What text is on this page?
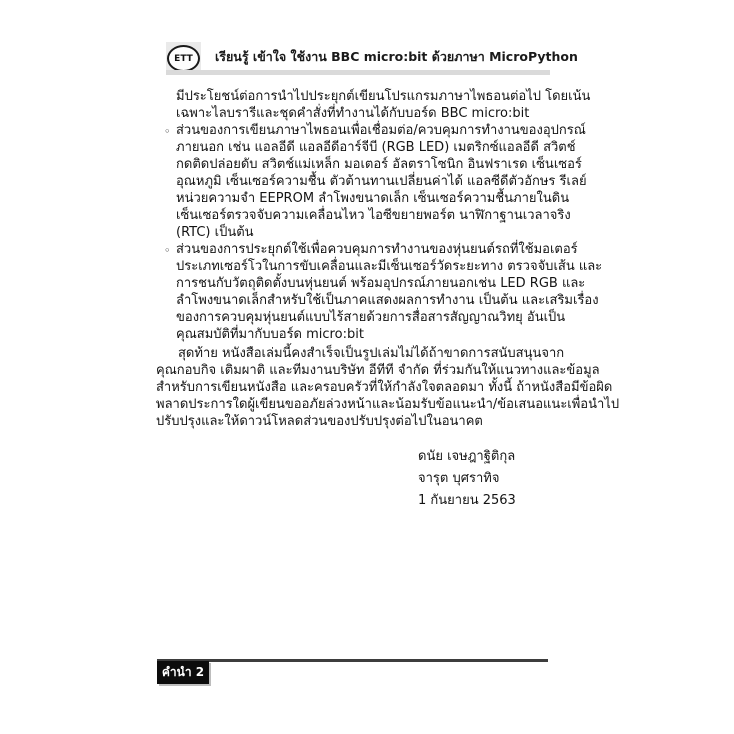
ETT เรียนรู้ เข้าใจ ใช้งาน BBC micro:bit ด้วยภาษา MicroPython
มีประโยชน์ต่อการนำไปประยุกต์เขียนโปรแกรมภาษาไพธอนต่อไป โดยเน้น
เฉพาะไลบรารีและชุดคำสั่งที่ทำงานได้กับบอร์ด BBC micro:bit
◦ ส่วนของการเขียนภาษาไพธอนเพื่อเชื่อมต่อ/ควบคุมการทำงานของอุปกรณ์
ภายนอก เช่น แอลอีดี แอลอีดีอาร์จีบี (RGB LED) เมตริกซ์แอลอีดี สวิตช์
กดติดปล่อยดับ สวิตช์แม่เหล็ก มอเตอร์ อัลตราโซนิก อินฟราเรด เซ็นเซอร์
อุณหภูมิ เซ็นเซอร์ความชื้น ตัวต้านทานเปลี่ยนค่าได้ แอลซีดีตัวอักษร รีเลย์
หน่วยความจำ EEPROM ลำโพงขนาดเล็ก เซ็นเซอร์ความชื้นภายในดิน
เซ็นเซอร์ตรวจจับความเคลื่อนไหว ไอซีขยายพอร์ต นาฬิกาฐานเวลาจริง
(RTC) เป็นต้น
◦ ส่วนของการประยุกต์ใช้เพื่อควบคุมการทำงานของหุ่นยนต์รถที่ใช้มอเตอร์
ประเภทเซอร์โวในการขับเคลื่อนและมีเซ็นเซอร์วัดระยะทาง ตรวจจับเส้น และ
การชนกับวัตถุติดตั้งบนหุ่นยนต์ พร้อมอุปกรณ์ภายนอกเช่น LED RGB และ
ลำโพงขนาดเล็กสำหรับใช้เป็นภาคแสดงผลการทำงาน เป็นต้น และเสริมเรื่อง
ของการควบคุมหุ่นยนต์แบบไร้สายด้วยการสื่อสารสัญญาณวิทยุ อันเป็น
คุณสมบัติที่มากับบอร์ด micro:bit
สุดท้าย หนังสือเล่มนี้คงสำเร็จเป็นรูปเล่มไม่ได้ถ้าขาดการสนับสนุนจาก
คุณกอบกิจ เติมผาติ และทีมงานบริษัท อีทีที จำกัด ที่ร่วมกันให้แนวทางและข้อมูล
สำหรับการเขียนหนังสือ และครอบครัวที่ให้กำลังใจตลอดมา ทั้งนี้ ถ้าหนังสือมีข้อผิด
พลาดประการใดผู้เขียนขออภัยล่วงหน้าและน้อมรับข้อแนะนำ/ข้อเสนอแนะเพื่อนำไป
ปรับปรุงและให้ดาวน์โหลดส่วนของปรับปรุงต่อไปในอนาคต
ดนัย เจษฎาฐิติกุล
จารุต บุศราทิจ
1 กันยายน 2563
คำนำ 2
